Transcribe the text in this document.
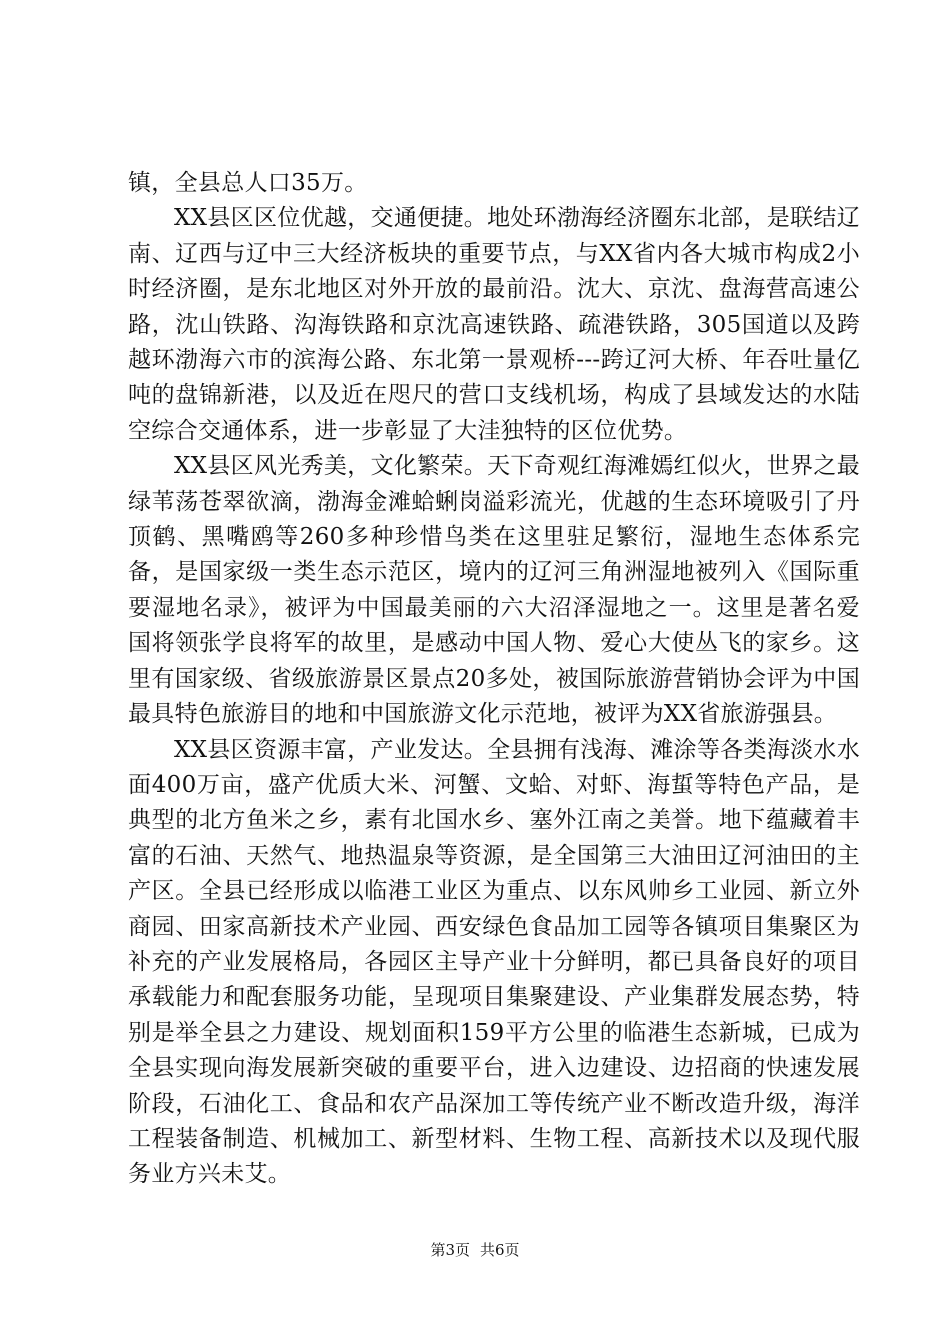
镇，全县总人口35万。

XX县区区位优越，交通便捷。地处环渤海经济圈东北部，是联结辽南、辽西与辽中三大经济板块的重要节点，与XX省内各大城市构成2小时经济圈，是东北地区对外开放的最前沿。沈大、京沈、盘海营高速公路，沈山铁路、沟海铁路和京沈高速铁路、疏港铁路，305国道以及跨越环渤海六市的滨海公路、东北第一景观桥---跨辽河大桥、年吞吐量亿吨的盘锦新港，以及近在咫尺的营口支线机场，构成了县域发达的水陆空综合交通体系，进一步彰显了大洼独特的区位优势。

XX县区风光秀美，文化繁荣。天下奇观红海滩嫣红似火，世界之最绿苇荡苍翠欲滴，渤海金滩蛤蜊岗溢彩流光，优越的生态环境吸引了丹顶鹤、黑嘴鸥等260多种珍惜鸟类在这里驻足繁衍，湿地生态体系完备，是国家级一类生态示范区，境内的辽河三角洲湿地被列入《国际重要湿地名录》，被评为中国最美丽的六大沼泽湿地之一。这里是著名爱国将领张学良将军的故里，是感动中国人物、爱心大使丛飞的家乡。这里有国家级、省级旅游景区景点20多处，被国际旅游营销协会评为中国最具特色旅游目的地和中国旅游文化示范地，被评为XX省旅游强县。

XX县区资源丰富，产业发达。全县拥有浅海、滩涂等各类海淡水水面400万亩，盛产优质大米、河蟹、文蛤、对虾、海蜇等特色产品，是典型的北方鱼米之乡，素有北国水乡、塞外江南之美誉。地下蕴藏着丰富的石油、天然气、地热温泉等资源，是全国第三大油田辽河油田的主产区。全县已经形成以临港工业区为重点、以东风帅乡工业园、新立外商园、田家高新技术产业园、西安绿色食品加工园等各镇项目集聚区为补充的产业发展格局，各园区主导产业十分鲜明，都已具备良好的项目承载能力和配套服务功能，呈现项目集聚建设、产业集群发展态势，特别是举全县之力建设、规划面积159平方公里的临港生态新城，已成为全县实现向海发展新突破的重要平台，进入边建设、边招商的快速发展阶段，石油化工、食品和农产品深加工等传统产业不断改造升级，海洋工程装备制造、机械加工、新型材料、生物工程、高新技术以及现代服务业方兴未艾。

第3页 共6页
